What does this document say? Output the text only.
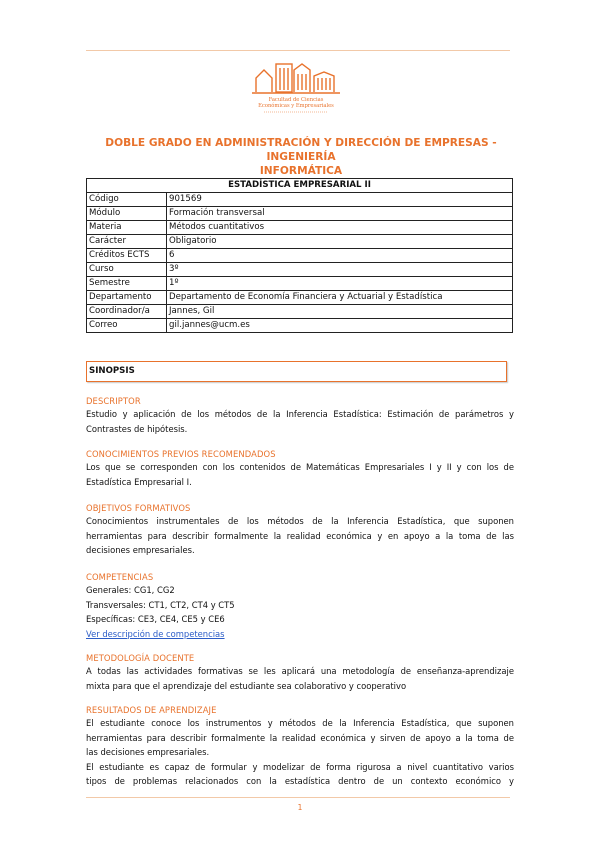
Facultad de Ciencias
Económicas y Empresariales
DOBLE GRADO EN ADMINISTRACIÓN Y DIRECCIÓN DE EMPRESAS - INGENIERÍA
INFORMÁTICA
ESTADÍSTICA EMPRESARIAL II	
Código	901569
Módulo	Formación transversal
Materia	Métodos cuantitativos
Carácter	Obligatorio
Créditos ECTS	6
Curso	3º
Semestre	1º
Departamento	Departamento de Economía Financiera y Actuarial y Estadística
Coordinador/a	Jannes, Gil
Correo	gil.jannes@ucm.es
SINOPSIS
DESCRIPTOR
Estudio y aplicación de los métodos de la Inferencia Estadística: Estimación de parámetros y
Contrastes de hipótesis.
CONOCIMIENTOS PREVIOS RECOMENDADOS
Los que se corresponden con los contenidos de Matemáticas Empresariales I y II y con los de
Estadística Empresarial I.
OBJETIVOS FORMATIVOS
Conocimientos instrumentales de los métodos de la Inferencia Estadística, que suponen
herramientas para describir formalmente la realidad económica y en apoyo a la toma de las
decisiones empresariales.
COMPETENCIAS
Generales: CG1, CG2
Transversales: CT1, CT2, CT4 y CT5
Específicas: CE3, CE4, CE5 y CE6
Ver descripción de competencias
METODOLOGÍA DOCENTE
A todas las actividades formativas se les aplicará una metodología de enseñanza-aprendizaje
mixta para que el aprendizaje del estudiante sea colaborativo y cooperativo
RESULTADOS DE APRENDIZAJE
El estudiante conoce los instrumentos y métodos de la Inferencia Estadística, que suponen
herramientas para describir formalmente la realidad económica y sirven de apoyo a la toma de
las decisiones empresariales.
El estudiante es capaz de formular y modelizar de forma rigurosa a nivel cuantitativo varios
tipos de problemas relacionados con la estadística dentro de un contexto económico y
1
